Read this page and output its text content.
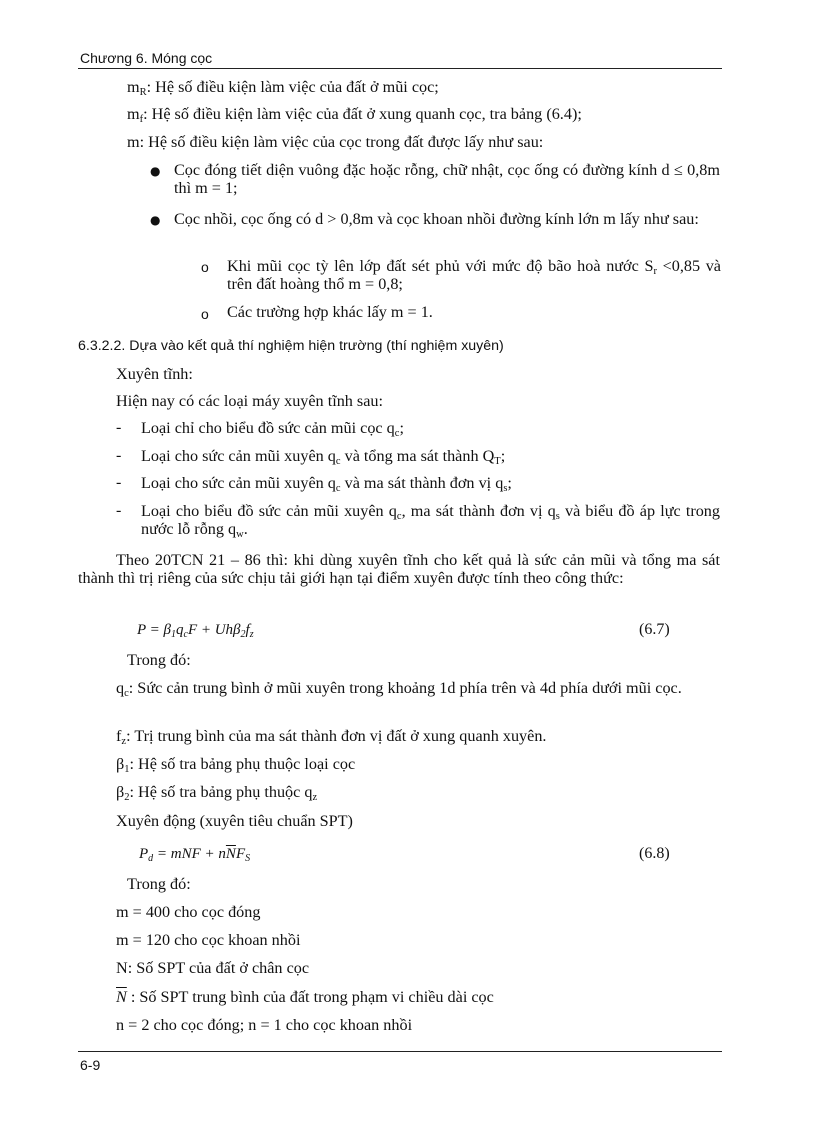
Chương 6. Móng cọc
$m_R$: Hệ số điều kiện làm việc của đất ở mũi cọc;
$m_f$: Hệ số điều kiện làm việc của đất ở xung quanh cọc, tra bảng (6.4);
m: Hệ số điều kiện làm việc của cọc trong đất được lấy như sau:
● Cọc đóng tiết diện vuông đặc hoặc rỗng, chữ nhật, cọc ống có đường kính d ≤ 0,8m thì m = 1;
● Cọc nhồi, cọc ống có d > 0,8m và cọc khoan nhồi đường kính lớn m lấy như sau:
o Khi mũi cọc tỳ lên lớp đất sét phủ với mức độ bão hoà nước $S_r <0,85$ và trên đất hoàng thổ m = 0,8;
o Các trường hợp khác lấy m = 1.
6.3.2.2. Dựa vào kết quả thí nghiệm hiện trường (thí nghiệm xuyên)
Xuyên tĩnh:
Hiện nay có các loại máy xuyên tĩnh sau:
- Loại chỉ cho biểu đồ sức cản mũi cọc $q_c$;
- Loại cho sức cản mũi xuyên $q_c$ và tổng ma sát thành $Q_T$;
- Loại cho sức cản mũi xuyên $q_c$ và ma sát thành đơn vị $q_s$;
- Loại cho biểu đồ sức cản mũi xuyên $q_c$, ma sát thành đơn vị $q_s$ và biểu đồ áp lực trong nước lỗ rỗng $q_w$.
Theo 20TCN 21 – 86 thì: khi dùng xuyên tĩnh cho kết quả là sức cản mũi và tổng ma sát thành thì trị riêng của sức chịu tải giới hạn tại điểm xuyên được tính theo công thức:
$P = \beta_1q_cF + Uh\beta_2f_z$	(6.7)
Trong đó:
$q_c$: Sức cản trung bình ở mũi xuyên trong khoảng 1d phía trên và 4d phía dưới mũi cọc.
$f_z$: Trị trung bình của ma sát thành đơn vị đất ở xung quanh xuyên.
$\beta_1$: Hệ số tra bảng phụ thuộc loại cọc
$\beta_2$: Hệ số tra bảng phụ thuộc $q_z$
Xuyên động (xuyên tiêu chuẩn SPT)
$P_d$ = mNF + $n\overline{N}F_S$	(6.8)
Trong đó:
m = 400 cho cọc đóng
m = 120 cho cọc khoan nhồi
N: Số SPT của đất ở chân cọc
$\overline{N}$ : Số SPT trung bình của đất trong phạm vi chiều dài cọc
n = 2 cho cọc đóng; n = 1 cho cọc khoan nhồi
6-9
